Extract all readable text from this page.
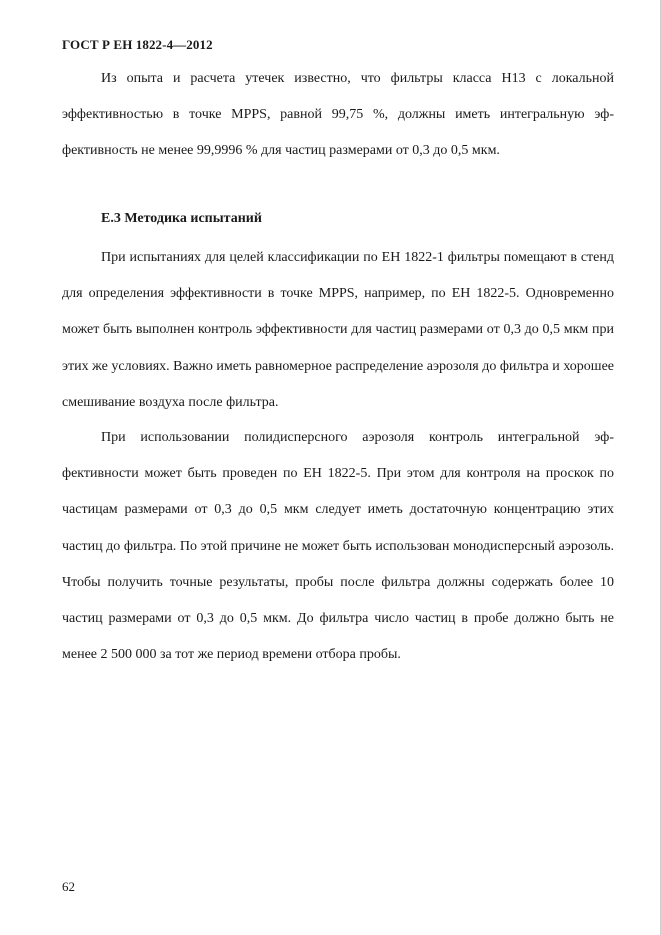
ГОСТ Р ЕН 1822-4—2012

Из опыта и расчета утечек известно, что фильтры класса Н13 с локальной эффективностью в точке MPPS, равной 99,75 %, должны иметь интегральную эффективность не менее 99,9996 % для частиц размерами от 0,3 до 0,5 мкм.

Е.3 Методика испытаний

При испытаниях для целей классификации по ЕН 1822-1 фильтры помещают в стенд для определения эффективности в точке MPPS, например, по ЕН 1822-5. Одновременно может быть выполнен контроль эффективности для частиц размерами от 0,3 до 0,5 мкм при этих же условиях. Важно иметь равномерное распределение аэрозоля до фильтра и хорошее смешивание воздуха после фильтра.

При использовании полидисперсного аэрозоля контроль интегральной эффективности может быть проведен по ЕН 1822-5. При этом для контроля на проскок по частицам размерами от 0,3 до 0,5 мкм следует иметь достаточную концентрацию этих частиц до фильтра. По этой причине не может быть использован монодисперсный аэрозоль. Чтобы получить точные результаты, пробы после фильтра должны содержать более 10 частиц размерами от 0,3 до 0,5 мкм. До фильтра число частиц в пробе должно быть не менее 2 500 000 за тот же период времени отбора пробы.

62
